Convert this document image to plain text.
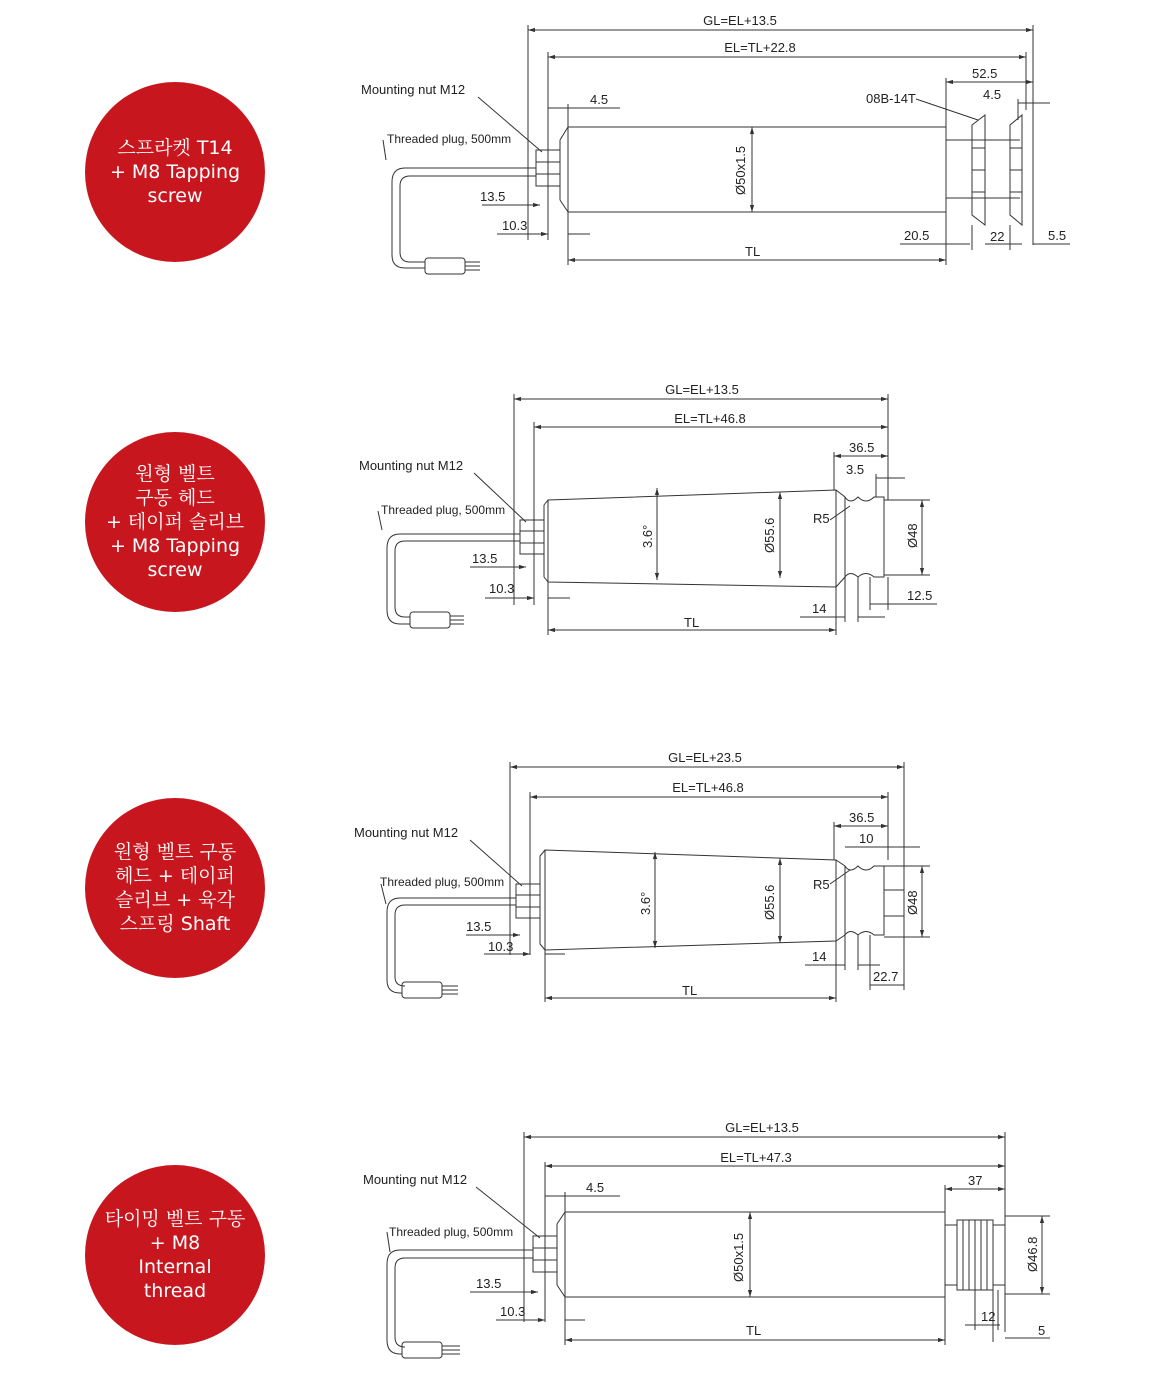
스프라켓 T14
+ M8 Tapping
screw
원형 벨트
구동 헤드
+ 테이퍼 슬리브
+ M8 Tapping
screw
원형 벨트 구동
헤드 + 테이퍼
슬리브 + 육각
스프링 Shaft
타이밍 벨트 구동
+ M8
Internal
thread
GL=EL+13.5
EL=TL+22.8
Mounting nut M12
Threaded plug, 500mm
08B-14T
52.5
4.5	4.5
Ø50x1.5
13.5
10.3
TL
20.5	22	5.5
GL=EL+13.5
EL=TL+46.8
Mounting nut M12
Threaded plug, 500mm
36.5
3.5
3.6°	Ø55.6	R5
Ø48
13.5
10.3
TL
14
12.5
GL=EL+23.5
EL=TL+46.8
Mounting nut M12
Threaded plug, 500mm
36.5
10
3.6°	Ø55.6
R5
Ø48
13.5
10.3
TL
14
22.7
GL=EL+13.5
EL=TL+47.3
Mounting nut M12
Threaded plug, 500mm
4.5	37
Ø50x1.5	Ø46.8
13.5
10.3
TL
12
5
